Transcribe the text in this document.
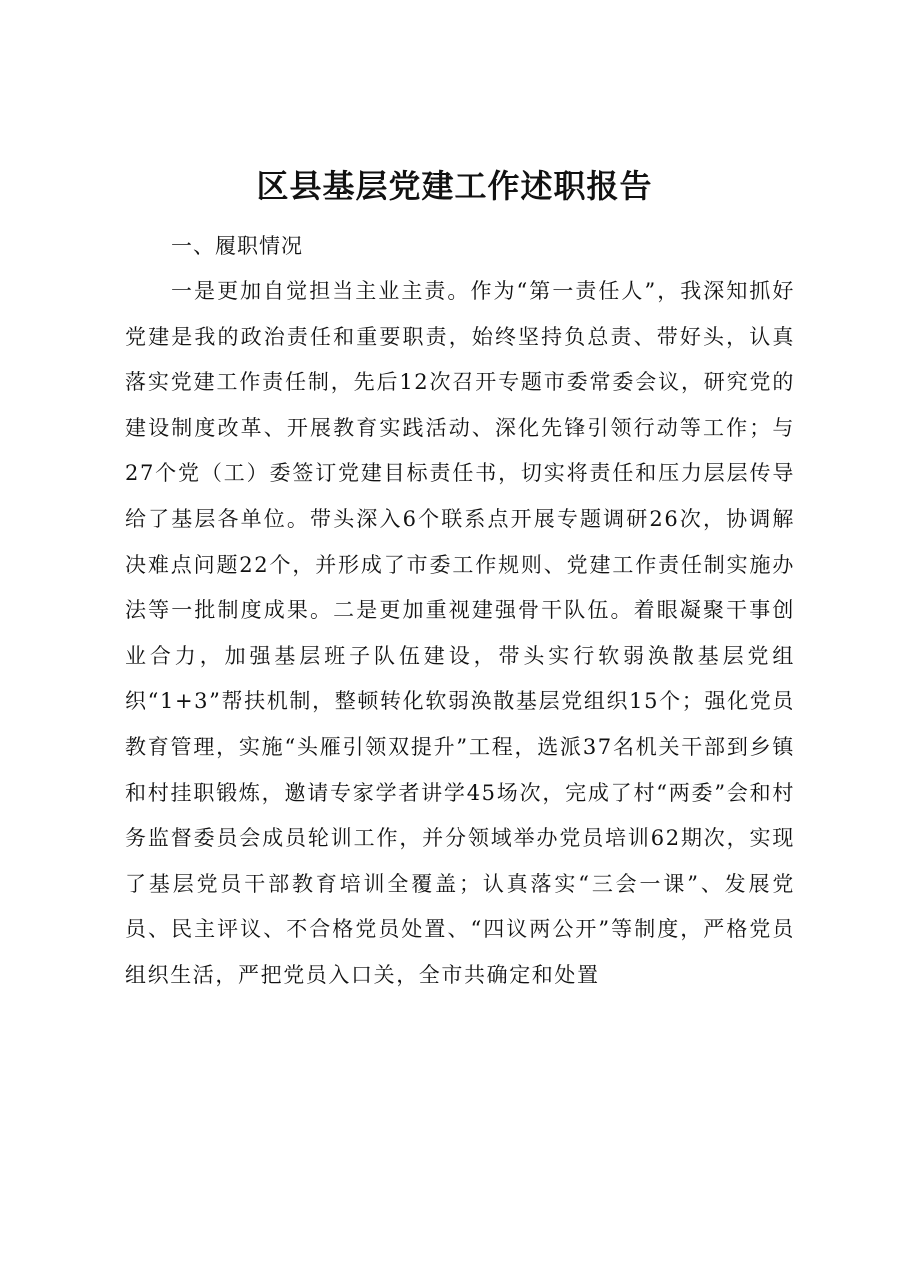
区县基层党建工作述职报告

一、履职情况

一是更加自觉担当主业主责。作为“第一责任人”，我深知抓好党建是我的政治责任和重要职责，始终坚持负总责、带好头，认真落实党建工作责任制，先后12次召开专题市委常委会议，研究党的建设制度改革、开展教育实践活动、深化先锋引领行动等工作；与27个党（工）委签订党建目标责任书，切实将责任和压力层层传导给了基层各单位。带头深入6个联系点开展专题调研26次，协调解决难点问题22个，并形成了市委工作规则、党建工作责任制实施办法等一批制度成果。二是更加重视建强骨干队伍。着眼凝聚干事创业合力，加强基层班子队伍建设，带头实行软弱涣散基层党组织“1+3”帮扶机制，整顿转化软弱涣散基层党组织15个；强化党员教育管理，实施“头雁引领双提升”工程，选派37名机关干部到乡镇和村挂职锻炼，邀请专家学者讲学45场次，完成了村“两委”会和村务监督委员会成员轮训工作，并分领域举办党员培训62期次，实现了基层党员干部教育培训全覆盖；认真落实“三会一课”、发展党员、民主评议、不合格党员处置、“四议两公开”等制度，严格党员组织生活，严把党员入口关，全市共确定和处置
